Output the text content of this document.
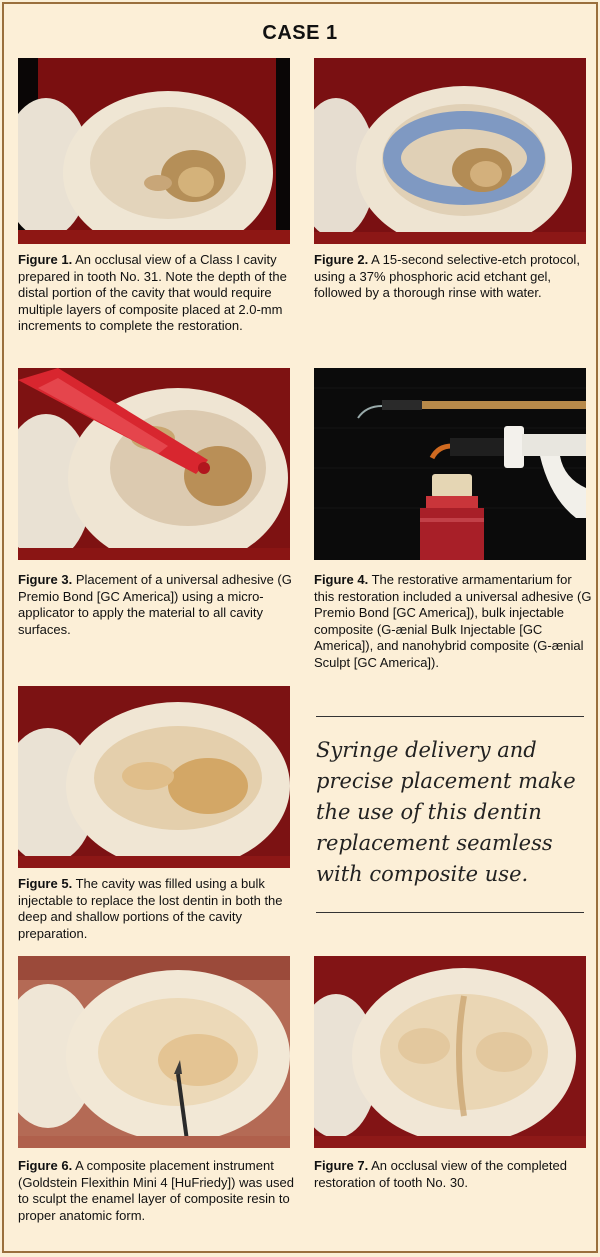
CASE 1
Figure 1. An occlusal view of a Class I cavity prepared in tooth No. 31. Note the depth of the distal portion of the cavity that would require multiple layers of composite placed at 2.0-mm increments to complete the restoration.
Figure 2. A 15-second selective-etch protocol, using a 37% phosphoric acid etchant gel, followed by a thorough rinse with water.
Figure 3. Placement of a universal adhesive (G Premio Bond [GC America]) using a micro-applicator to apply the material to all cavity surfaces.
Figure 4. The restorative armamentarium for this restoration included a universal adhesive (G Premio Bond [GC America]), bulk injectable composite (G-ænial Bulk Injectable [GC America]), and nanohybrid composite (G-ænial Sculpt [GC America]).
Figure 5. The cavity was filled using a bulk injectable to replace the lost dentin in both the deep and shallow portions of the cavity preparation.
Syringe delivery and precise placement make the use of this dentin replacement seamless with composite use.
Figure 6. A composite placement instrument (Goldstein Flexithin Mini 4 [HuFriedy]) was used to sculpt the enamel layer of composite resin to proper anatomic form.
Figure 7. An occlusal view of the completed restoration of tooth No. 30.
